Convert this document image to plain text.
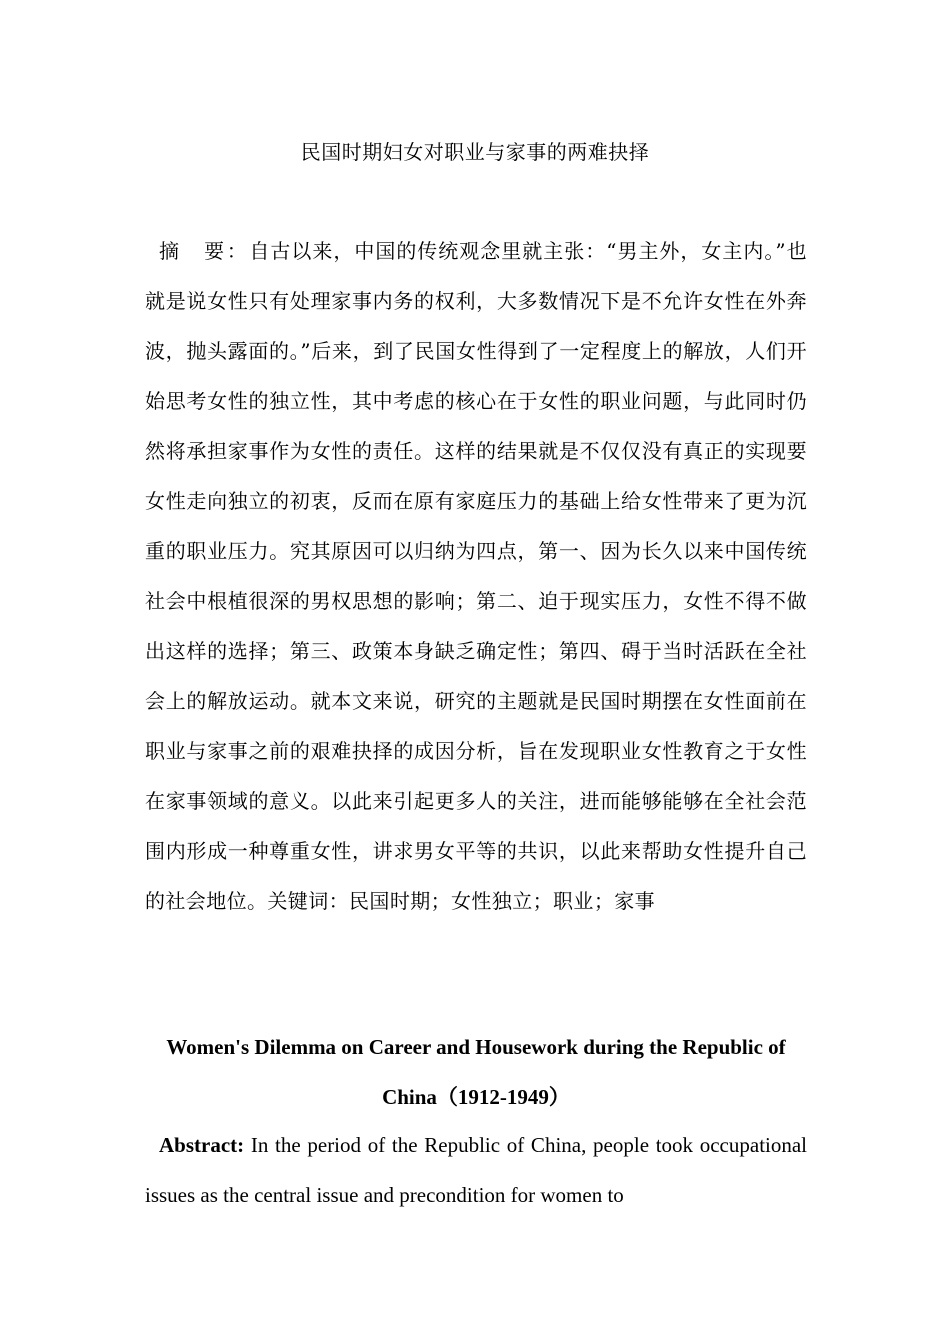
民国时期妇女对职业与家事的两难抉择
摘　要：自古以来，中国的传统观念里就主张：“男主外，女主内。”也就是说女性只有处理家事内务的权利，大多数情况下是不允许女性在外奔波，抛头露面的。”后来，到了民国女性得到了一定程度上的解放，人们开始思考女性的独立性，其中考虑的核心在于女性的职业问题，与此同时仍然将承担家事作为女性的责任。这样的结果就是不仅仅没有真正的实现要女性走向独立的初衷，反而在原有家庭压力的基础上给女性带来了更为沉重的职业压力。究其原因可以归纳为四点，第一、因为长久以来中国传统社会中根植很深的男权思想的影响；第二、迫于现实压力，女性不得不做出这样的选择；第三、政策本身缺乏确定性；第四、碍于当时活跃在全社会上的解放运动。就本文来说，研究的主题就是民国时期摆在女性面前在职业与家事之前的艰难抉择的成因分析，旨在发现职业女性教育之于女性在家事领域的意义。以此来引起更多人的关注，进而能够能够在全社会范围内形成一种尊重女性，讲求男女平等的共识，以此来帮助女性提升自己的社会地位。关键词：民国时期；女性独立；职业；家事
Women's Dilemma on Career and Housework during the Republic of China（1912-1949）
Abstract: In the period of the Republic of China, people took occupational issues as the central issue and precondition for women to
